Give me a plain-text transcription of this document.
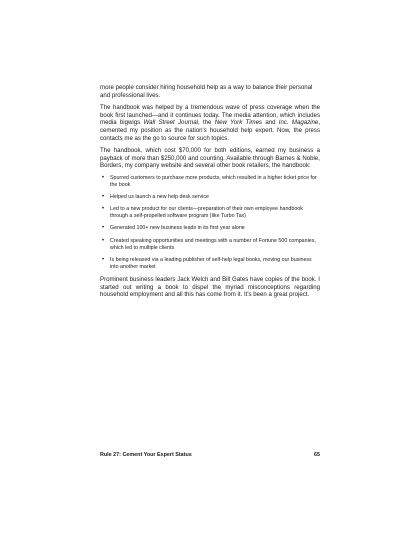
more people consider hiring household help as a way to balance their personal and professional lives.

The handbook was helped by a tremendous wave of press coverage when the book first launched—and it continues today. The media attention, which includes media bigwigs Wall Street Journal, the New York Times and Inc. Magazine, cemented my position as the nation's household help expert. Now, the press contacts me as the go to source for such topics.

The handbook, which cost $70,000 for both editions, earned my business a payback of more than $250,000 and counting. Available through Barnes & Noble, Borders, my company website and several other book retailers, the handbook:

• Spurred customers to purchase more products, which resulted in a higher ticket price for the book
• Helped us launch a new help desk service
• Led to a new product for our clients—preparation of their own employee handbook through a self-propelled software program (like Turbo Tax)
• Generated 100+ new business leads in its first year alone
• Created speaking opportunities and meetings with a number of Fortune 500 companies, which led to multiple clients
• Is being released via a leading publisher of self-help legal books, moving our business into another market

Prominent business leaders Jack Welch and Bill Gates have copies of the book. I started out writing a book to dispel the myriad misconceptions regarding household employment and all this has come from it. It's been a great project.

Rule 27: Cement Your Expert Status	65
